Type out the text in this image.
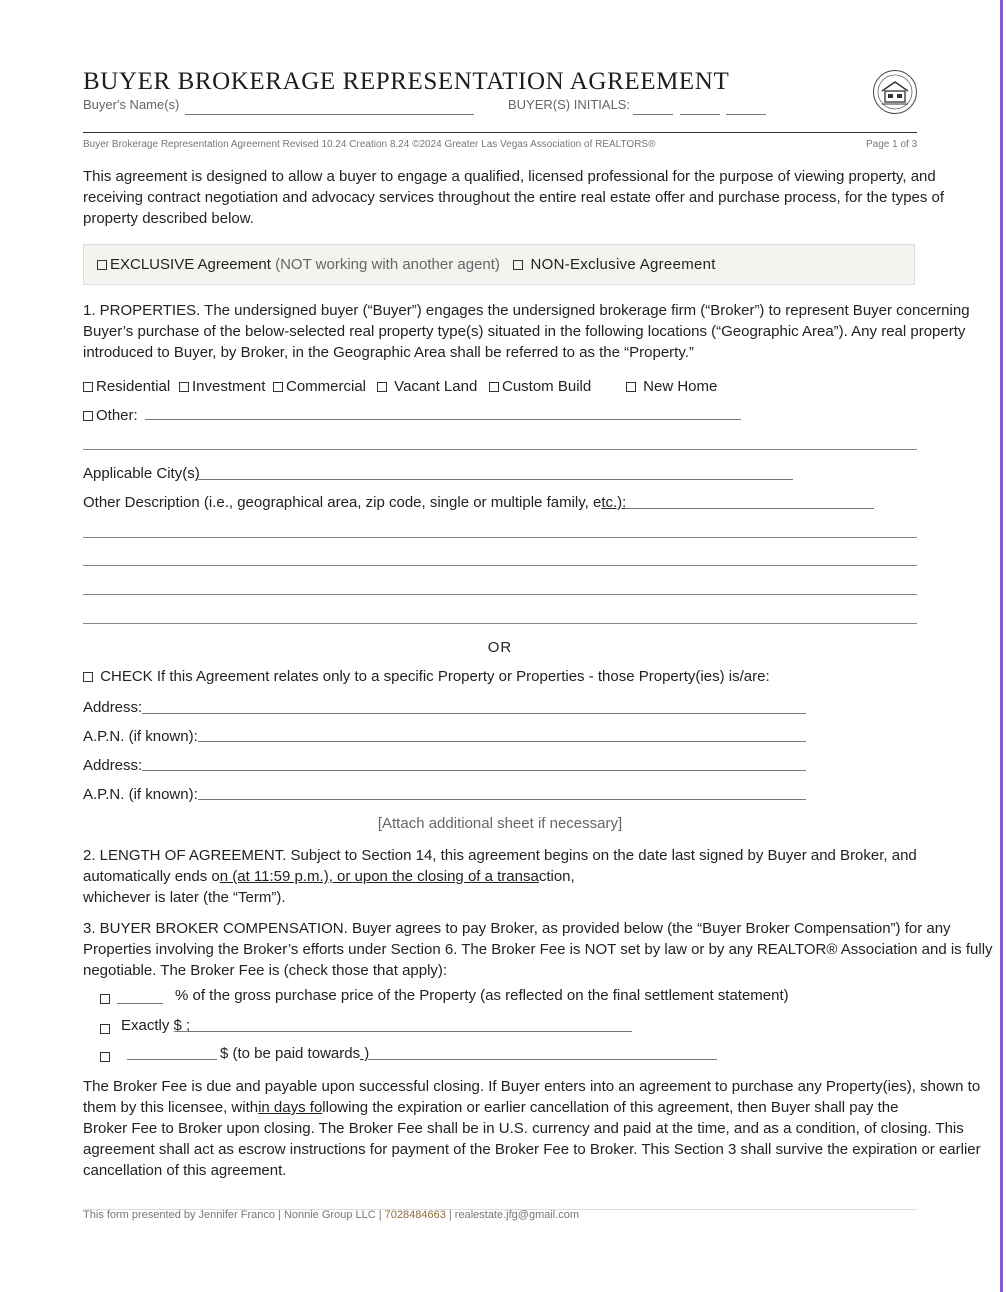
BUYER BROKERAGE REPRESENTATION AGREEMENT
Buyer's Name(s)	BUYER(S) INITIALS:
Buyer Brokerage Representation Agreement Revised 10.24 Creation 8.24 ©2024 Greater Las Vegas Association of REALTORS®	Page 1 of 3
This agreement is designed to allow a buyer to engage a qualified, licensed professional for the purpose of viewing property, and receiving contract negotiation and advocacy services throughout the entire real estate offer and purchase process, for the types of property described below.
EXCLUSIVE Agreement (NOT working with another agent)	NON-Exclusive Agreement
1. PROPERTIES. The undersigned buyer (“Buyer”) engages the undersigned brokerage firm (“Broker”) to represent Buyer concerning Buyer’s purchase of the below-selected real property type(s) situated in the following locations (“Geographic Area”). Any real property introduced to Buyer, by Broker, in the Geographic Area shall be referred to as the “Property.”
Residential	Investment	Commercial	Vacant Land	Custom Build	New Home
Other:
Applicable City(s)
Other Description (i.e., geographical area, zip code, single or multiple family, etc.):
OR
CHECK If this Agreement relates only to a specific Property or Properties - those Property(ies) is/are:
Address:
A.P.N. (if known):
Address:
A.P.N. (if known):
[Attach additional sheet if necessary]
2. LENGTH OF AGREEMENT. Subject to Section 14, this agreement begins on the date last signed by Buyer and Broker, and
automatically ends on (at 11:59 p.m.), or upon the closing of a transaction,
whichever is later (the “Term”).
3. BUYER BROKER COMPENSATION. Buyer agrees to pay Broker, as provided below (the “Buyer Broker Compensation”) for any Properties involving the Broker’s efforts under Section 6. The Broker Fee is NOT set by law or by any REALTOR® Association and is fully negotiable. The Broker Fee is (check those that apply):
% of the gross purchase price of the Property (as reflected on the final settlement statement)
Exactly $ ;
$ (to be paid towards )
The Broker Fee is due and payable upon successful closing. If Buyer enters into an agreement to purchase any Property(ies), shown to
them by this licensee, within days following the expiration or earlier cancellation of this agreement, then Buyer shall pay the
Broker Fee to Broker upon closing. The Broker Fee shall be in U.S. currency and paid at the time, and as a condition, of closing. This agreement shall act as escrow instructions for payment of the Broker Fee to Broker. This Section 3 shall survive the expiration or earlier cancellation of this agreement.
This form presented by Jennifer Franco | Nonnie Group LLC | 7028484663 | realestate.jfg@gmail.com
